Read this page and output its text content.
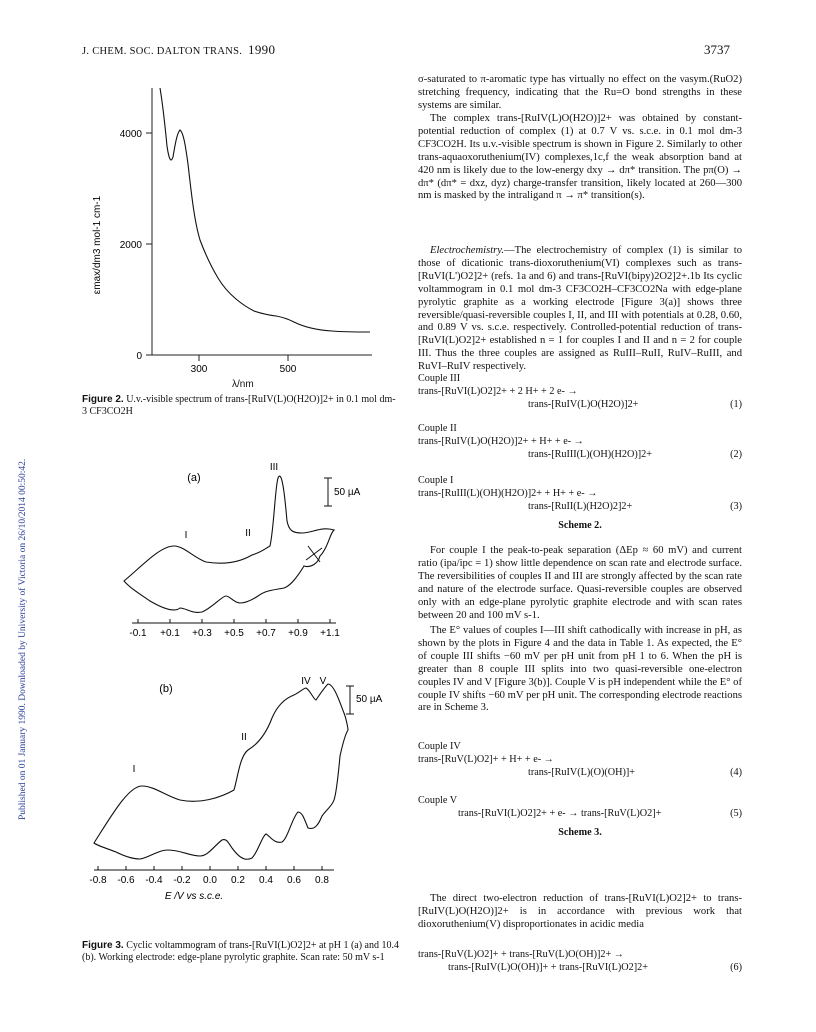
J. CHEM. SOC. DALTON TRANS. 1990	3737
Published on 01 January 1990. Downloaded by University of Victoria on 26/10/2014 00:50:42.
4000
2000
0
300	500
εmax/dm3 mol-1 cm-1
λ/nm
Figure 2. U.v.-visible spectrum of trans-[RuIV(L)O(H2O)]2+ in 0.1 mol dm-3 CF3CO2H
(a)
III
I	II
50 µA
-0.1 +0.1 +0.3 +0.5 +0.7 +0.9 +1.1
(b)
IV V
II
I
50 µA
-0.8 -0.6 -0.4 -0.2 0.0 0.2 0.4 0.6 0.8
E /V vs s.c.e.
Figure 3. Cyclic voltammogram of trans-[RuVI(L)O2]2+ at pH 1 (a) and 10.4 (b). Working electrode: edge-plane pyrolytic graphite. Scan rate: 50 mV s-1

σ-saturated to π-aromatic type has virtually no effect on the νasym.(RuO2) stretching frequency, indicating that the Ru=O bond strengths in these systems are similar.

The complex trans-[RuIV(L)O(H2O)]2+ was obtained by constant-potential reduction of complex (1) at 0.7 V vs. s.c.e. in 0.1 mol dm-3 CF3CO2H. Its u.v.-visible spectrum is shown in Figure 2. Similarly to other trans-aquaoxoruthenium(IV) complexes,1c,f the weak absorption band at 420 nm is likely due to the low-energy dxy → dπ* transition. The pπ(O) → dπ* (dπ* = dxz, dyz) charge-transfer transition, likely located at 260—300 nm is masked by the intraligand π → π* transition(s).

Electrochemistry.—The electrochemistry of complex (1) is similar to those of dicationic trans-dioxoruthenium(VI) complexes such as trans-[RuVI(L')O2]2+ (refs. 1a and 6) and trans-[RuVI(bipy)2O2]2+.1b Its cyclic voltammogram in 0.1 mol dm-3 CF3CO2H–CF3CO2Na with edge-plane pyrolytic graphite as a working electrode [Figure 3(a)] shows three reversible/quasi-reversible couples I, II, and III with potentials at 0.28, 0.60, and 0.89 V vs. s.c.e. respectively. Controlled-potential reduction of trans-[RuVI(L)O2]2+ established n = 1 for couples I and II and n = 2 for couple III. Thus the three couples are assigned as RuIII–RuII, RuIV–RuIII, and RuVI–RuIV respectively.

Couple III
trans-[RuVI(L)O2]2+ + 2 H+ + 2 e- →
trans-[RuIV(L)O(H2O)]2+	(1)
Couple II
trans-[RuIV(L)O(H2O)]2+ + H+ + e- →
trans-[RuIII(L)(OH)(H2O)]2+	(2)
Couple I
trans-[RuIII(L)(OH)(H2O)]2+ + H+ + e- →
trans-[RuII(L)(H2O)2]2+	(3)
Scheme 2.

For couple I the peak-to-peak separation (ΔEp ≈ 60 mV) and current ratio (ipa/ipc = 1) show little dependence on scan rate and electrode surface. The reversibilities of couples II and III are strongly affected by the scan rate and nature of the electrode surface. Quasi-reversible couples are observed only with an edge-plane pyrolytic graphite electrode and with scan rates between 20 and 100 mV s-1.

The E° values of couples I—III shift cathodically with increase in pH, as shown by the plots in Figure 4 and the data in Table 1. As expected, the E° of couple III shifts −60 mV per pH unit from pH 1 to 6. When the pH is greater than 8 couple III splits into two quasi-reversible one-electron couples IV and V [Figure 3(b)]. Couple V is pH independent while the E° of couple IV shifts −60 mV per pH unit. The corresponding electrode reactions are in Scheme 3.

Couple IV
trans-[RuV(L)O2]+ + H+ + e- →
trans-[RuIV(L)(O)(OH)]+	(4)
Couple V
trans-[RuVI(L)O2]2+ + e- → trans-[RuV(L)O2]+	(5)
Scheme 3.

The direct two-electron reduction of trans-[RuVI(L)O2]2+ to trans-[RuIV(L)O(H2O)]2+ is in accordance with previous work that dioxoruthenium(V) disproportionates in acidic media

trans-[RuV(L)O2]+ + trans-[RuV(L)O(OH)]2+ →
trans-[RuIV(L)O(OH)]+ + trans-[RuVI(L)O2]2+	(6)
